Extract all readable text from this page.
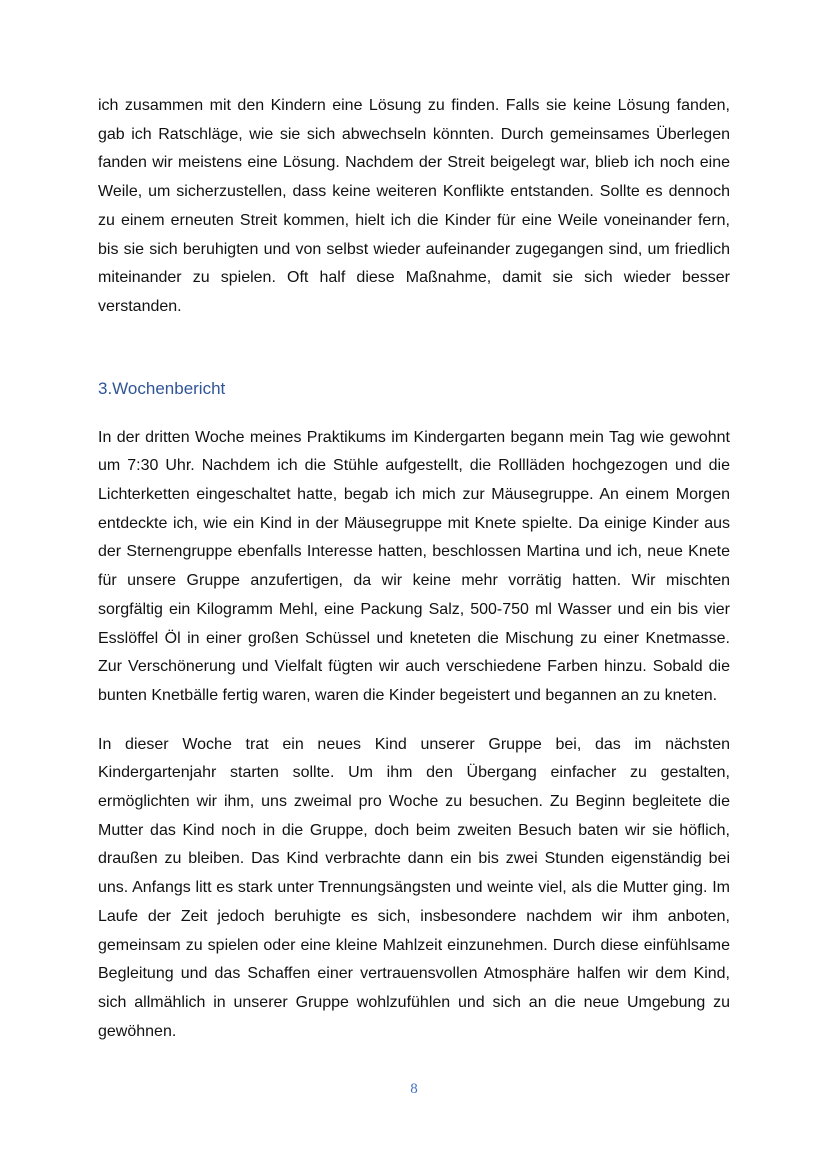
ich zusammen mit den Kindern eine Lösung zu finden. Falls sie keine Lösung fanden, gab ich Ratschläge, wie sie sich abwechseln könnten. Durch gemeinsames Überlegen fanden wir meistens eine Lösung. Nachdem der Streit beigelegt war, blieb ich noch eine Weile, um sicherzustellen, dass keine weiteren Konflikte entstanden. Sollte es dennoch zu einem erneuten Streit kommen, hielt ich die Kinder für eine Weile voneinander fern, bis sie sich beruhigten und von selbst wieder aufeinander zugegangen sind, um friedlich miteinander zu spielen. Oft half diese Maßnahme, damit sie sich wieder besser verstanden.

3.Wochenbericht

In der dritten Woche meines Praktikums im Kindergarten begann mein Tag wie gewohnt um 7:30 Uhr. Nachdem ich die Stühle aufgestellt, die Rollläden hochgezogen und die Lichterketten eingeschaltet hatte, begab ich mich zur Mäusegruppe. An einem Morgen entdeckte ich, wie ein Kind in der Mäusegruppe mit Knete spielte. Da einige Kinder aus der Sternengruppe ebenfalls Interesse hatten, beschlossen Martina und ich, neue Knete für unsere Gruppe anzufertigen, da wir keine mehr vorrätig hatten. Wir mischten sorgfältig ein Kilogramm Mehl, eine Packung Salz, 500-750 ml Wasser und ein bis vier Esslöffel Öl in einer großen Schüssel und kneteten die Mischung zu einer Knetmasse. Zur Verschönerung und Vielfalt fügten wir auch verschiedene Farben hinzu. Sobald die bunten Knetbälle fertig waren, waren die Kinder begeistert und begannen an zu kneten.

In dieser Woche trat ein neues Kind unserer Gruppe bei, das im nächsten Kindergartenjahr starten sollte. Um ihm den Übergang einfacher zu gestalten, ermöglichten wir ihm, uns zweimal pro Woche zu besuchen. Zu Beginn begleitete die Mutter das Kind noch in die Gruppe, doch beim zweiten Besuch baten wir sie höflich, draußen zu bleiben. Das Kind verbrachte dann ein bis zwei Stunden eigenständig bei uns. Anfangs litt es stark unter Trennungsängsten und weinte viel, als die Mutter ging. Im Laufe der Zeit jedoch beruhigte es sich, insbesondere nachdem wir ihm anboten, gemeinsam zu spielen oder eine kleine Mahlzeit einzunehmen. Durch diese einfühlsame Begleitung und das Schaffen einer vertrauensvollen Atmosphäre halfen wir dem Kind, sich allmählich in unserer Gruppe wohlzufühlen und sich an die neue Umgebung zu gewöhnen.

8
